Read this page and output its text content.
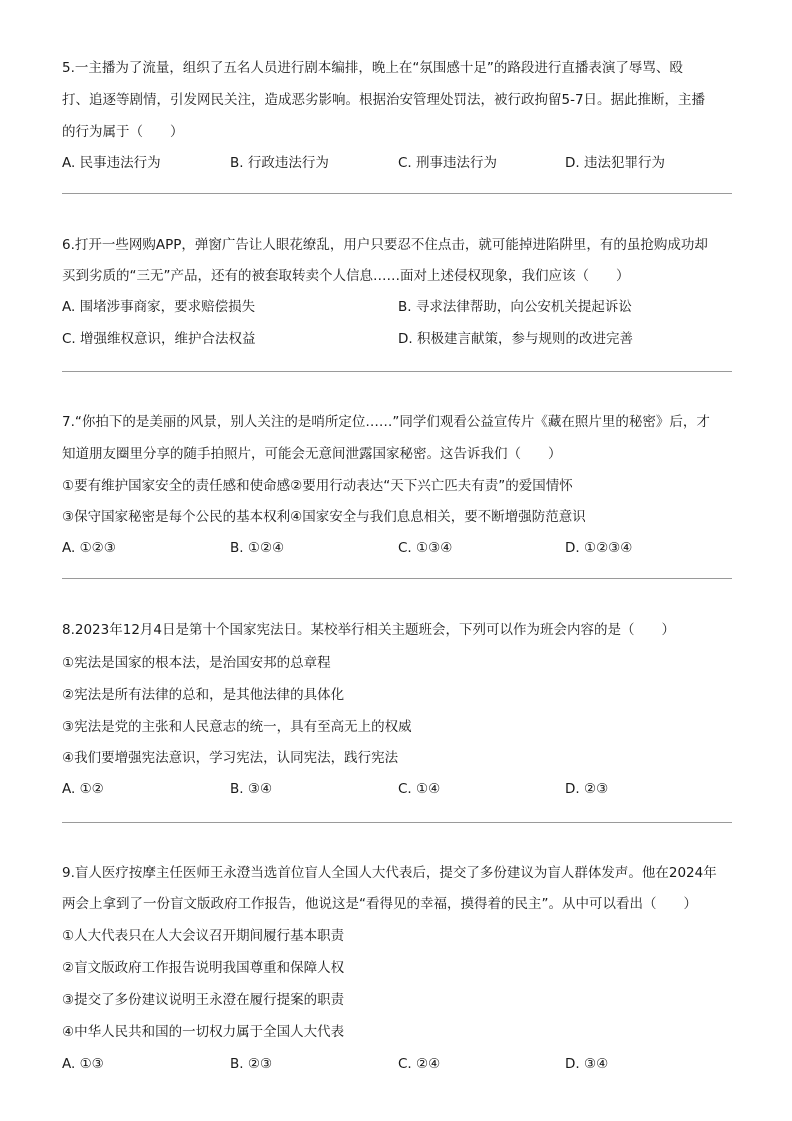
5.一主播为了流量，组织了五名人员进行剧本编排，晚上在“氛围感十足”的路段进行直播表演了辱骂、殴
打、追逐等剧情，引发网民关注，造成恶劣影响。根据治安管理处罚法，被行政拘留5-7日。据此推断，主播
的行为属于（　　）
A. 民事违法行为	B. 行政违法行为	C. 刑事违法行为	D. 违法犯罪行为
6.打开一些网购APP，弹窗广告让人眼花缭乱，用户只要忍不住点击，就可能掉进陷阱里，有的虽抢购成功却
买到劣质的“三无”产品，还有的被套取转卖个人信息……面对上述侵权现象，我们应该（　　）
A. 围堵涉事商家，要求赔偿损失	B. 寻求法律帮助，向公安机关提起诉讼
C. 增强维权意识，维护合法权益	D. 积极建言献策，参与规则的改进完善
7.“你拍下的是美丽的风景，别人关注的是哨所定位……”同学们观看公益宣传片《藏在照片里的秘密》后，才
知道朋友圈里分享的随手拍照片，可能会无意间泄露国家秘密。这告诉我们（　　）
①要有维护国家安全的责任感和使命感②要用行动表达“天下兴亡匹夫有责”的爱国情怀
③保守国家秘密是每个公民的基本权利④国家安全与我们息息相关，要不断增强防范意识
A. ①②③	B. ①②④	C. ①③④	D. ①②③④
8.2023年12月4日是第十个国家宪法日。某校举行相关主题班会，下列可以作为班会内容的是（　　）
①宪法是国家的根本法，是治国安邦的总章程
②宪法是所有法律的总和，是其他法律的具体化
③宪法是党的主张和人民意志的统一，具有至高无上的权威
④我们要增强宪法意识，学习宪法，认同宪法，践行宪法
A. ①②	B. ③④	C. ①④	D. ②③
9.盲人医疗按摩主任医师王永澄当选首位盲人全国人大代表后，提交了多份建议为盲人群体发声。他在2024年
两会上拿到了一份盲文版政府工作报告，他说这是“看得见的幸福，摸得着的民主”。从中可以看出（　　）
①人大代表只在人大会议召开期间履行基本职责
②盲文版政府工作报告说明我国尊重和保障人权
③提交了多份建议说明王永澄在履行提案的职责
④中华人民共和国的一切权力属于全国人大代表
A. ①③	B. ②③	C. ②④	D. ③④
